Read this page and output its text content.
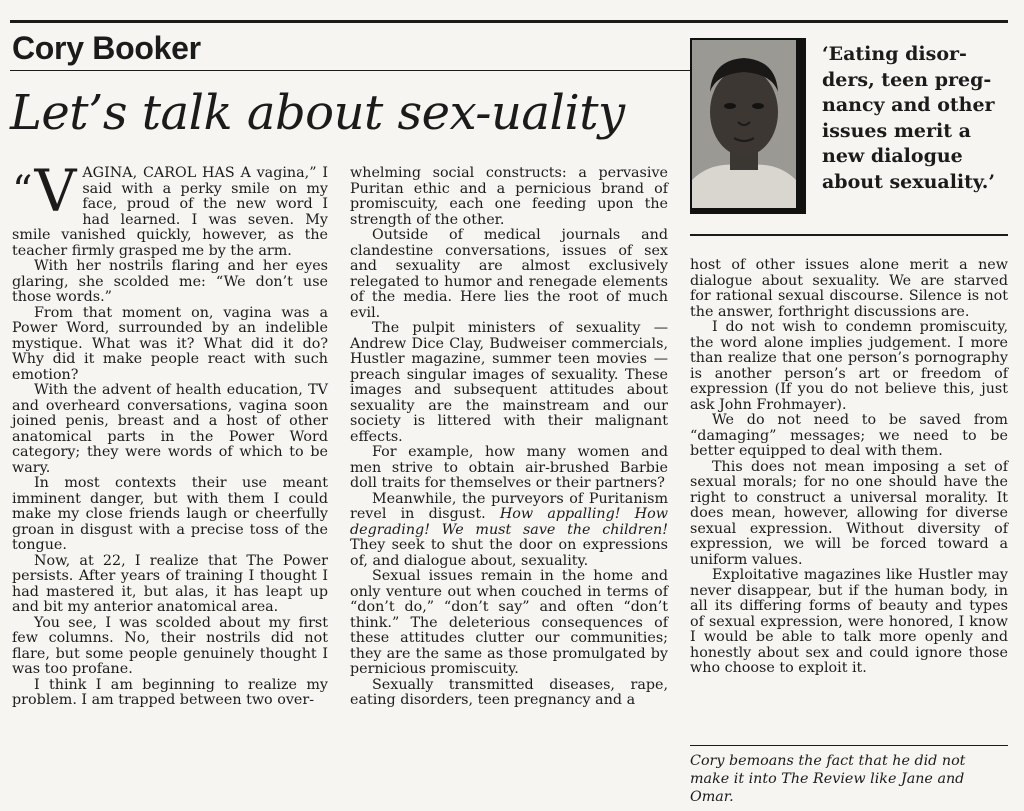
Cory Booker
Let’s talk about sex-uality
‘Eating disor-ders, teen preg-nancy and other issues merit a new dialogue about sexuality.’

“V AGINA, CAROL HAS A vagina,” I said with a perky smile on my face, proud of the new word I had learned. I was seven. My smile vanished quickly, however, as the teacher firmly grasped me by the arm.

With her nostrils flaring and her eyes glaring, she scolded me: “We don’t use those words.”

From that moment on, vagina was a Power Word, surrounded by an indelible mystique. What was it? What did it do? Why did it make people react with such emotion?

With the advent of health education, TV and overheard conversations, vagina soon joined penis, breast and a host of other anatomical parts in the Power Word category; they were words of which to be wary.

In most contexts their use meant imminent danger, but with them I could make my close friends laugh or cheerfully groan in disgust with a precise toss of the tongue.

Now, at 22, I realize that The Power persists. After years of training I thought I had mastered it, but alas, it has leapt up and bit my anterior anatomical area.

You see, I was scolded about my first few columns. No, their nostrils did not flare, but some people genuinely thought I was too profane.

I think I am beginning to realize my problem. I am trapped between two over-

whelming social constructs: a pervasive Puritan ethic and a pernicious brand of promiscuity, each one feeding upon the strength of the other.

Outside of medical journals and clandestine conversations, issues of sex and sexuality are almost exclusively relegated to humor and renegade elements of the media. Here lies the root of much evil.

The pulpit ministers of sexuality — Andrew Dice Clay, Budweiser commercials, Hustler magazine, summer teen movies — preach singular images of sexuality. These images and subsequent attitudes about sexuality are the mainstream and our society is littered with their malignant effects.

For example, how many women and men strive to obtain air-brushed Barbie doll traits for themselves or their partners?

Meanwhile, the purveyors of Puritanism revel in disgust. How appalling! How degrading! We must save the children! They seek to shut the door on expressions of, and dialogue about, sexuality.

Sexual issues remain in the home and only venture out when couched in terms of “don’t do,” “don’t say” and often “don’t think.” The deleterious consequences of these attitudes clutter our communities; they are the same as those promulgated by pernicious promiscuity.

Sexually transmitted diseases, rape, eating disorders, teen pregnancy and a

host of other issues alone merit a new dialogue about sexuality. We are starved for rational sexual discourse. Silence is not the answer, forthright discussions are.

I do not wish to condemn promiscuity, the word alone implies judgement. I more than realize that one person’s pornography is another person’s art or freedom of expression (If you do not believe this, just ask John Frohmayer).

We do not need to be saved from “damaging” messages; we need to be better equipped to deal with them.

This does not mean imposing a set of sexual morals; for no one should have the right to construct a universal morality. It does mean, however, allowing for diverse sexual expression. Without diversity of expression, we will be forced toward a uniform values.

Exploitative magazines like Hustler may never disappear, but if the human body, in all its differing forms of beauty and types of sexual expression, were honored, I know I would be able to talk more openly and honestly about sex and could ignore those who choose to exploit it.

Cory bemoans the fact that he did not make it into The Review like Jane and Omar.
